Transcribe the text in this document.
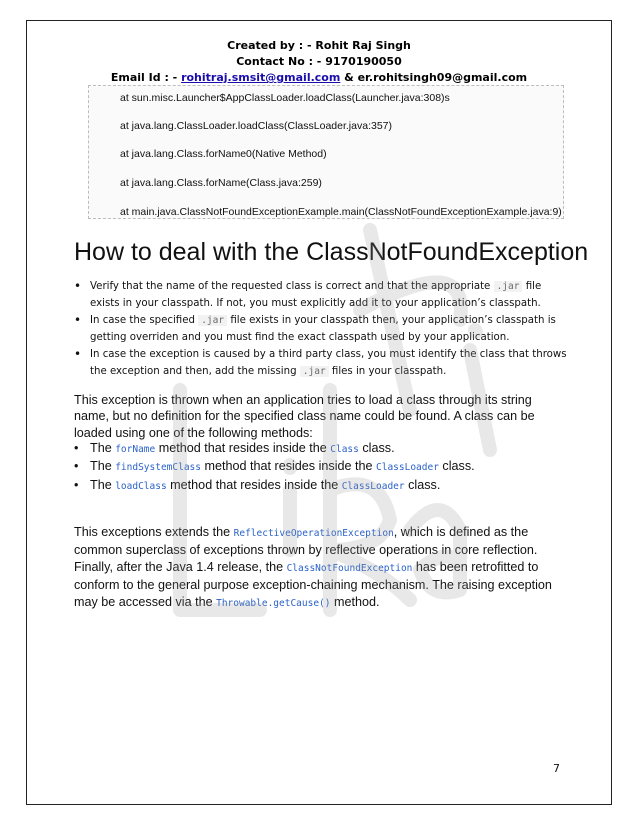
Created by : - Rohit Raj Singh
Contact No : - 9170190050
Email Id : - rohitraj.smsit@gmail.com & er.rohitsingh09@gmail.com
at sun.misc.Launcher$AppClassLoader.loadClass(Launcher.java:308)s
at java.lang.ClassLoader.loadClass(ClassLoader.java:357)
at java.lang.Class.forName0(Native Method)
at java.lang.Class.forName(Class.java:259)
at main.java.ClassNotFoundExceptionExample.main(ClassNotFoundExceptionExample.java:9)
How to deal with the ClassNotFoundException
• Verify that the name of the requested class is correct and that the appropriate .jar file exists in your classpath. If not, you must explicitly add it to your application’s classpath.
• In case the specified .jar file exists in your classpath then, your application’s classpath is getting overriden and you must find the exact classpath used by your application.
• In case the exception is caused by a third party class, you must identify the class that throws the exception and then, add the missing .jar files in your classpath.

This exception is thrown when an application tries to load a class through its string name, but no definition for the specified class name could be found. A class can be loaded using one of the following methods:

• The forName method that resides inside the Class class.
• The findSystemClass method that resides inside the ClassLoader class.
• The loadClass method that resides inside the ClassLoader class.

This exceptions extends the ReflectiveOperationException, which is defined as the common superclass of exceptions thrown by reflective operations in core reflection. Finally, after the Java 1.4 release, the ClassNotFoundException has been retrofitted to conform to the general purpose exception-chaining mechanism. The raising exception may be accessed via the Throwable.getCause() method.

7
